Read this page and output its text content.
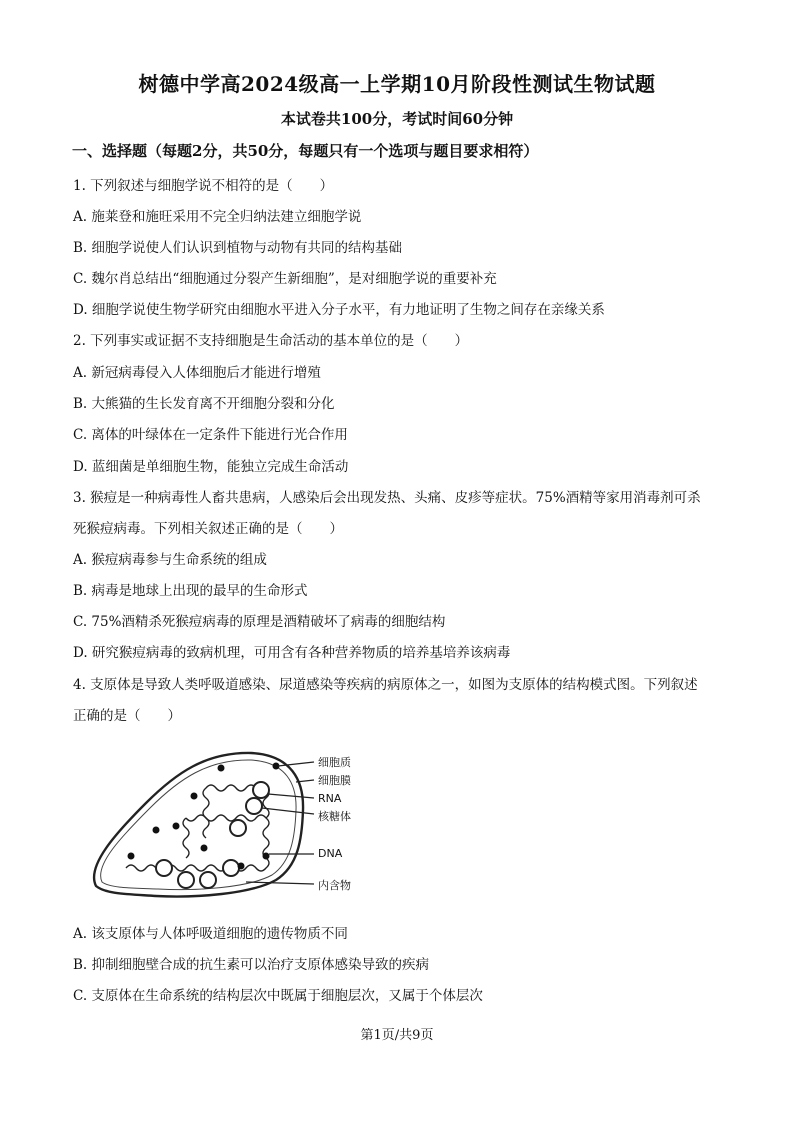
树德中学高2024级高一上学期10月阶段性测试生物试题
本试卷共100分，考试时间60分钟
一、选择题（每题2分，共50分，每题只有一个选项与题目要求相符）
1. 下列叙述与细胞学说不相符的是（　　）
A. 施莱登和施旺采用不完全归纳法建立细胞学说
B. 细胞学说使人们认识到植物与动物有共同的结构基础
C. 魏尔肖总结出“细胞通过分裂产生新细胞”，是对细胞学说的重要补充
D. 细胞学说使生物学研究由细胞水平进入分子水平，有力地证明了生物之间存在亲缘关系
2. 下列事实或证据不支持细胞是生命活动的基本单位的是（　　）
A. 新冠病毒侵入人体细胞后才能进行增殖
B. 大熊猫的生长发育离不开细胞分裂和分化
C. 离体的叶绿体在一定条件下能进行光合作用
D. 蓝细菌是单细胞生物，能独立完成生命活动
3. 猴痘是一种病毒性人畜共患病，人感染后会出现发热、头痛、皮疹等症状。75%酒精等家用消毒剂可杀
死猴痘病毒。下列相关叙述正确的是（　　）
A. 猴痘病毒参与生命系统的组成
B. 病毒是地球上出现的最早的生命形式
C. 75%酒精杀死猴痘病毒的原理是酒精破坏了病毒的细胞结构
D. 研究猴痘病毒的致病机理，可用含有各种营养物质的培养基培养该病毒
4. 支原体是导致人类呼吸道感染、尿道感染等疾病的病原体之一，如图为支原体的结构模式图。下列叙述
正确的是（　　）
细胞质
细胞膜
RNA
核糖体
DNA
内含物
A. 该支原体与人体呼吸道细胞的遗传物质不同
B. 抑制细胞壁合成的抗生素可以治疗支原体感染导致的疾病
C. 支原体在生命系统的结构层次中既属于细胞层次，又属于个体层次
第1页/共9页
